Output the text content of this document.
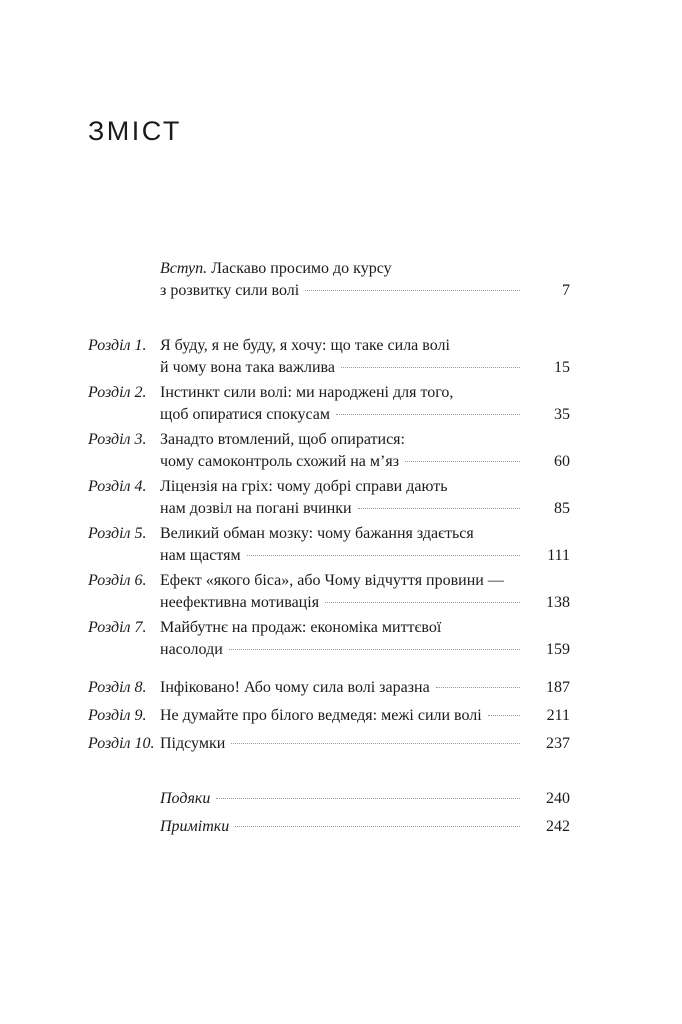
ЗМІСТ
Вступ.
Ласкаво просимо до курсу
з розвитку сили волі	7
Розділ 1. Я буду, я не буду, я хочу: що таке сила волі
й чому вона така важлива	15
Розділ 2. Інстинкт сили волі: ми народжені для того,
щоб опиратися спокусам	35
Розділ 3. Занадто втомлений, щоб опиратися:
чому самоконтроль схожий на м’яз	60
Розділ 4. Ліцензія на гріх: чому добрі справи дають
нам дозвіл на погані вчинки	85
Розділ 5. Великий обман мозку: чому бажання здається
нам щастям	111
Розділ 6. Ефект «якого біса», або Чому відчуття провини —
неефективна мотивація	138
Розділ 7. Майбутнє на продаж: економіка миттєвої
насолоди	159
Розділ 8. Інфіковано! Або чому сила волі заразна	187
Розділ 9. Не думайте про білого ведмедя: межі сили волі	211
Розділ 10. Підсумки	237
Подяки	240
Примітки	242
